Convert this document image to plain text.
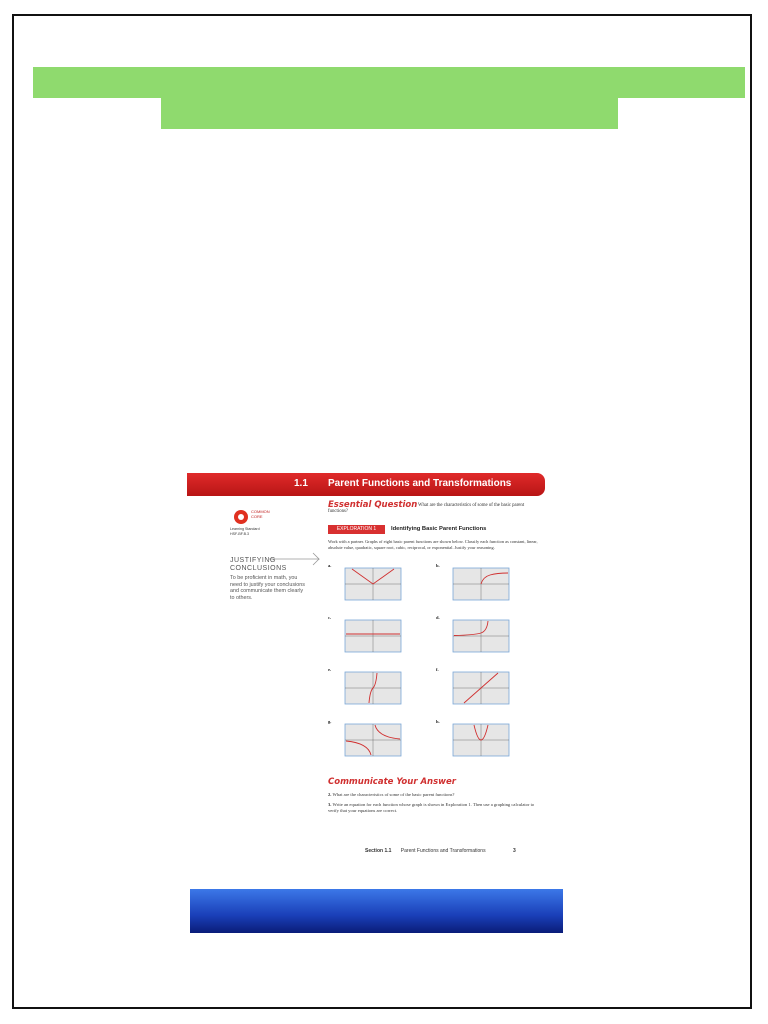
1.1 Parent Functions and Transformations
COMMON
CORE
Learning Standard
HSF-BF.B.3
JUSTIFYING
CONCLUSIONS
To be proficient in math, you need to justify your conclusions and communicate them clearly to others.
What are the characteristics of some of the basic parent functions?
Essential Question
EXPLORATION 1	Identifying Basic Parent Functions
Work with a partner. Graphs of eight basic parent functions are shown below. Classify each function as constant, linear, absolute value, quadratic, square root, cubic, reciprocal, or exponential. Justify your reasoning.
a.	b.
c.	d.
e.	f.
g.	h.
Communicate Your Answer
2. What are the characteristics of some of the basic parent functions?
3. Write an equation for each function whose graph is shown in Exploration 1. Then use a graphing calculator to verify that your equations are correct.
Section 1.1 Parent Functions and Transformations	3
